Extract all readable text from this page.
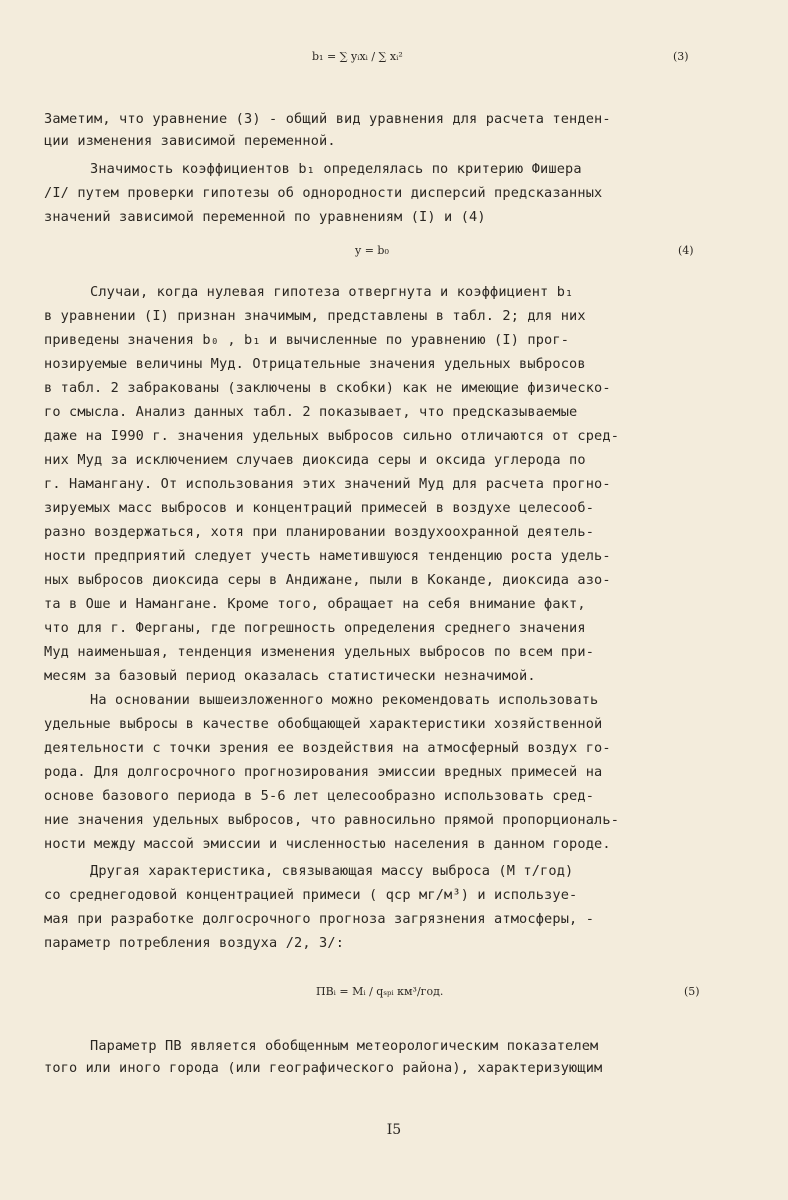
b₁ = ∑ yᵢxᵢ / ∑ xᵢ²	(3)
Заметим, что уравнение (3) - общий вид уравнения для расчета тенден-
ции изменения зависимой переменной.
Значимость коэффициентов b₁ определялась по критерию Фишера
/I/ путем проверки гипотезы об однородности дисперсий предсказанных
значений зависимой переменной по уравнениям (I) и (4)
y = b₀	(4)
Случаи, когда нулевая гипотеза отвергнута и коэффициент b₁
в уравнении (I) признан значимым, представлены в табл. 2; для них
приведены значения b₀ , b₁ и вычисленные по уравнению (I) прог-
нозируемые величины Mуд. Отрицательные значения удельных выбросов
в табл. 2 забракованы (заключены в скобки) как не имеющие физическо-
го смысла. Анализ данных табл. 2 показывает, что предсказываемые
даже на I990 г. значения удельных выбросов сильно отличаются от сред-
них Mуд за исключением случаев диоксида серы и оксида углерода по
г. Намангану. От использования этих значений Mуд для расчета прогно-
зируемых масс выбросов и концентраций примесей в воздухе целесооб-
разно воздержаться, хотя при планировании воздухоохранной деятель-
ности предприятий следует учесть наметившуюся тенденцию роста удель-
ных выбросов диоксида серы в Андижане, пыли в Коканде, диоксида азо-
та в Оше и Намангане. Кроме того, обращает на себя внимание факт,
что для г. Ферганы, где погрешность определения среднего значения
Mуд наименьшая, тенденция изменения удельных выбросов по всем при-
месям за базовый период оказалась статистически незначимой.
На основании вышеизложенного можно рекомендовать использовать
удельные выбросы в качестве обобщающей характеристики хозяйственной
деятельности с точки зрения ее воздействия на атмосферный воздух го-
рода. Для долгосрочного прогнозирования эмиссии вредных примесей на
основе базового периода в 5-6 лет целесообразно использовать сред-
ние значения удельных выбросов, что равносильно прямой пропорциональ-
ности между массой эмиссии и численностью населения в данном городе.
Другая характеристика, связывающая массу выброса (M т/год)
со среднегодовой концентрацией примеси ( qср мг/м³) и используе-
мая при разработке долгосрочного прогноза загрязнения атмосферы, -
параметр потребления воздуха /2, 3/:
ПВᵢ = Mᵢ / qₛₚᵢ км³/год.	(5)
Параметр ПВ является обобщенным метеорологическим показателем
того или иного города (или географического района), характеризующим
I5
